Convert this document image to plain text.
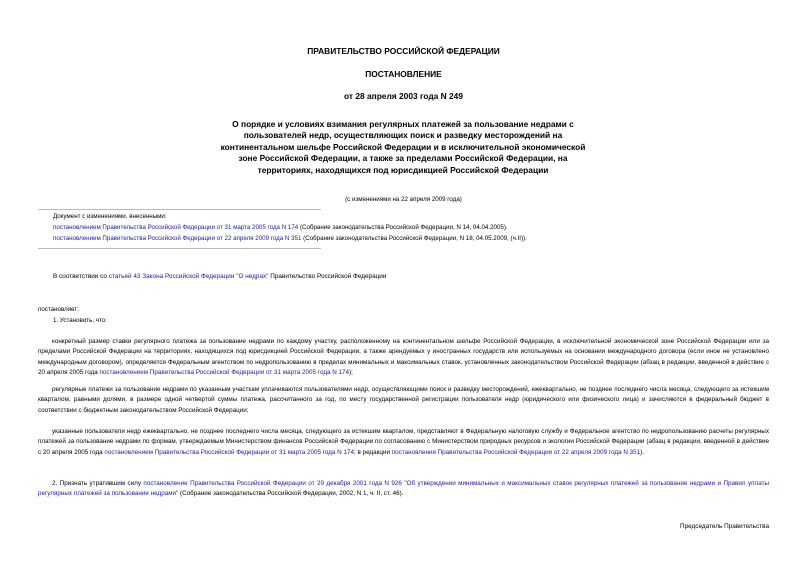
ПРАВИТЕЛЬСТВО РОССИЙСКОЙ ФЕДЕРАЦИИ
ПОСТАНОВЛЕНИЕ
от 28 апреля 2003 года N 249
О порядке и условиях взимания регулярных платежей за пользование недрами с пользователей недр, осуществляющих поиск и разведку месторождений на континентальном шельфе Российской Федерации и в исключительной экономической зоне Российской Федерации, а также за пределами Российской Федерации, на территориях, находящихся под юрисдикцией Российской Федерации
(с изменениями на 22 апреля 2009 года)
Документ с изменениями, внесенными:
постановлением Правительства Российской Федерации от 31 марта 2005 года N 174 (Собрание законодательства Российской Федерации, N 14, 04.04.2005).
постановлением Правительства Российской Федерации от 22 апреля 2009 года N 351 (Собрание законодательства Российской Федерации, N 18, 04.05.2009, (ч.II)).
В соответствии со статьей 43 Закона Российской Федерации "О недрах" Правительство Российской Федерации
постановляет:
1. Установить, что:
конкретный размер ставки регулярного платежа за пользование недрами по каждому участку, расположенному на континентальном шельфе Российской Федерации, в исключительной экономической зоне Российской Федерации или за пределами Российской Федерации на территориях, находящихся под юрисдикцией Российской Федерации, а также арендуемых у иностранных государств или используемых на основании международного договора (если иное не установлено международным договором), определяется Федеральным агентством по недропользованию в пределах минимальных и максимальных ставок, установленных законодательством Российской Федерации (абзац в редакции, введенной в действие с 20 апреля 2005 года постановлением Правительства Российской Федерации от 31 марта 2005 года N 174);
регулярные платежи за пользование недрами по указанным участкам уплачиваются пользователями недр, осуществляющими поиск и разведку месторождений, ежеквартально, не позднее последнего числа месяца, следующего за истекшим кварталом, равными долями, в размере одной четвертой суммы платежа, рассчитанного за год, по месту государственной регистрации пользователя недр (юридического или физического лица) и зачисляются в федеральный бюджет в соответствии с бюджетным законодательством Российской Федерации;
указанные пользователи недр ежеквартально, не позднее последнего числа месяца, следующего за истекшим кварталом, представляют в Федеральную налоговую службу и Федеральное агентство по недропользованию расчеты регулярных платежей за пользование недрами по формам, утверждаемым Министерством финансов Российской Федерации по согласованию с Министерством природных ресурсов и экологии Российской Федерации (абзац в редакции, введенной в действие с 20 апреля 2005 года постановлением Правительства Российской Федерации от 31 марта 2005 года N 174; в редакции постановления Правительства Российской Федерации от 22 апреля 2009 года N 351).
2. Признать утратившим силу постановление Правительства Российской Федерации от 29 декабря 2001 года N 926 "Об утверждении минимальных и максимальных ставок регулярных платежей за пользование недрами и Правил уплаты регулярных платежей за пользование недрами" (Собрание законодательства Российской Федерации, 2002, N 1, ч. II, ст. 46).
Председатель Правительства
